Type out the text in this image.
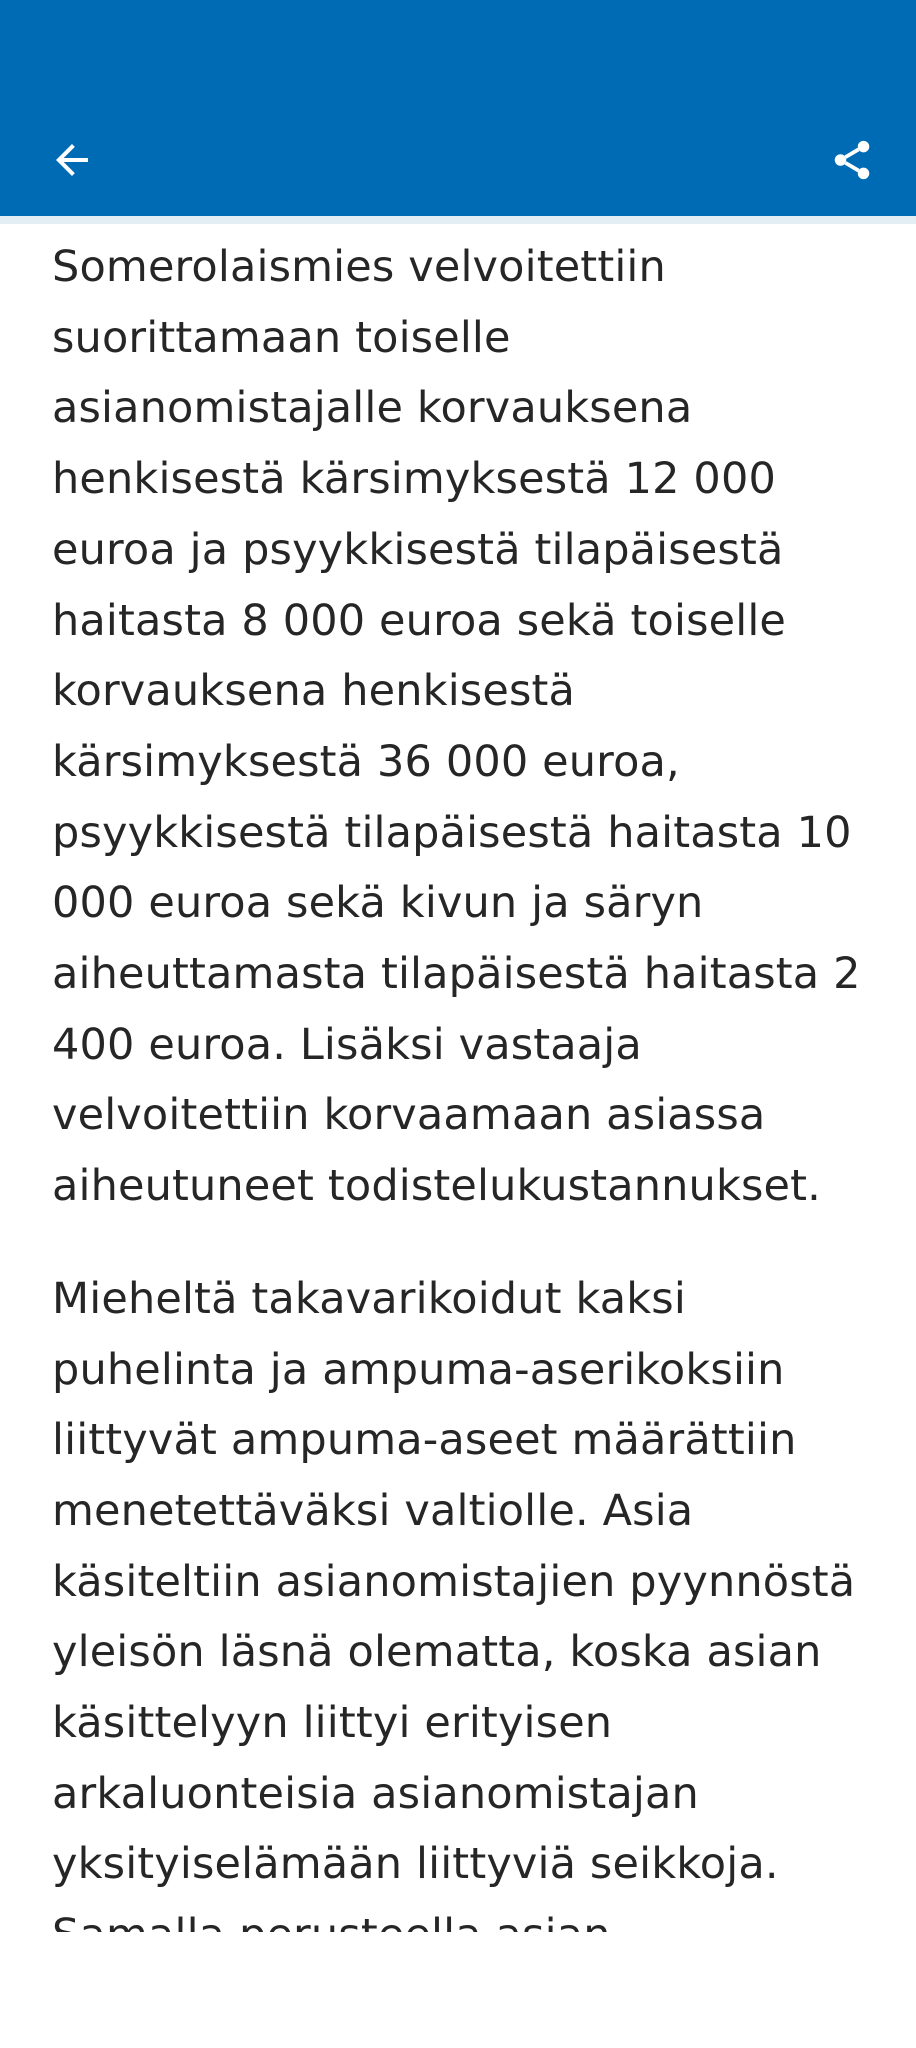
Somerolaismies velvoitettiin
suorittamaan toiselle
asianomistajalle korvauksena
henkisestä kärsimyksestä 12 000
euroa ja psyykkisestä tilapäisestä
haitasta 8 000 euroa sekä toiselle
korvauksena henkisestä
kärsimyksestä 36 000 euroa,
psyykkisestä tilapäisestä haitasta 10
000 euroa sekä kivun ja säryn
aiheuttamasta tilapäisestä haitasta 2
400 euroa. Lisäksi vastaaja
velvoitettiin korvaamaan asiassa
aiheutuneet todistelukustannukset.

Mieheltä takavarikoidut kaksi
puhelinta ja ampuma-aserikoksiin
liittyvät ampuma-aseet määrättiin
menetettäväksi valtiolle. Asia
käsiteltiin asianomistajien pyynnöstä
yleisön läsnä olematta, koska asian
käsittelyyn liittyi erityisen
arkaluonteisia asianomistajan
yksityiselämään liittyviä seikkoja.
